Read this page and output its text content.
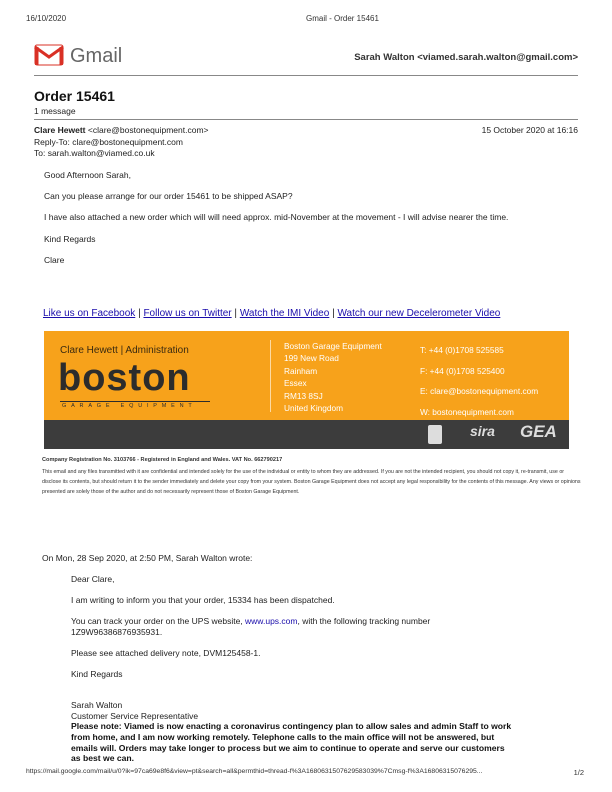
16/10/2020	Gmail - Order 15461
Gmail	Sarah Walton <viamed.sarah.walton@gmail.com>
Order 15461
1 message
Clare Hewett <clare@bostonequipment.com>	15 October 2020 at 16:16
Reply-To: clare@bostonequipment.com
To: sarah.walton@viamed.co.uk
Good Afternoon Sarah,
Can you please arrange for our order 15461 to be shipped ASAP?
I have also attached a new order which will will need approx. mid-November at the movement - I will advise nearer the time.
Kind Regards
Clare
Like us on Facebook | Follow us on Twitter | Watch the IMI Video | Watch our new Decelerometer Video
Clare Hewett | Administration
boston
GARAGE EQUIPMENT
Boston Garage Equipment
199 New Road
Rainham
Essex
RM13 8SJ
United Kingdom
T: +44 (0)1708 525585
F: +44 (0)1708 525400
E: clare@bostonequipment.com
W: bostonequipment.com
sira GEA
Company Registration No. 3103766 - Registered in England and Wales. VAT No. 662790217
This email and any files transmitted with it are confidential and intended solely for the use of the individual or entity to whom they are addressed. If you are not the intended recipient, you should not copy it, re-transmit, use or disclose its contents, but should return it to the sender immediately and delete your copy from your system. Boston Garage Equipment does not accept any legal responsibility for the contents of this message. Any views or opinions presented are solely those of the author and do not necessarily represent those of Boston Garage Equipment.
On Mon, 28 Sep 2020, at 2:50 PM, Sarah Walton wrote:
Dear Clare,
I am writing to inform you that your order, 15334 has been dispatched.
You can track your order on the UPS website, www.ups.com, with the following tracking number
1Z9W96386876935931.
Please see attached delivery note, DVM125458-1.
Kind Regards
Sarah Walton
Customer Service Representative
Please note: Viamed is now enacting a coronavirus contingency plan to allow sales and admin Staff to work
from home, and I am now working remotely. Telephone calls to the main office will not be answered, but
emails will. Orders may take longer to process but we aim to continue to operate and serve our customers
as best we can.
https://mail.google.com/mail/u/0?ik=97ca69e8f6&view=pt&search=all&permthid=thread-f%3A1680631507629583039%7Cmsg-f%3A16806315076295...	1/2
